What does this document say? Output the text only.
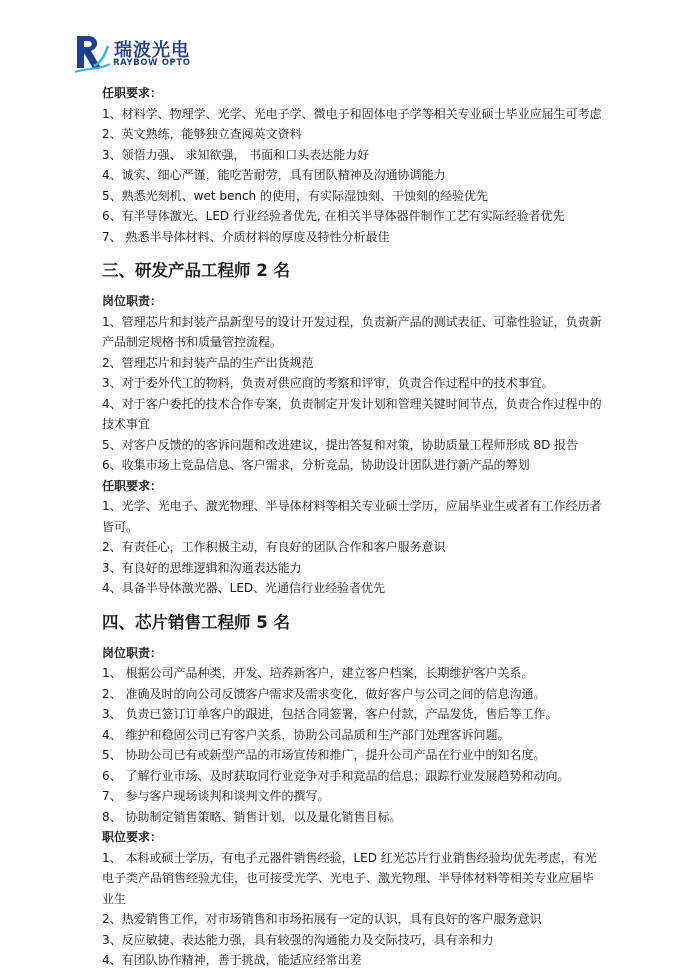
瑞波光电
RAYBOW OPTO

任职要求：

1、材料学、物理学、光学、光电子学、微电子和固体电子学等相关专业硕士毕业应届生可考虑

2、英文熟练，能够独立查阅英文资料

3、领悟力强、 求知欲强， 书面和口头表达能力好

4、诚实、细心严谨，能吃苦耐劳，具有团队精神及沟通协调能力

5、熟悉光刻机、wet bench 的使用，有实际湿蚀刻、干蚀刻的经验优先

6、有半导体激光、LED 行业经验者优先, 在相关半导体器件制作工艺有实际经验者优先

7、 熟悉半导体材料、介质材料的厚度及特性分析最佳

三、研发产品工程师 2 名

岗位职责：

1、管理芯片和封装产品新型号的设计开发过程，负责新产品的测试表征、可靠性验证，负责新产品制定规格书和质量管控流程。

2、管理芯片和封装产品的生产出货规范

3、对于委外代工的物料，负责对供应商的考察和评审，负责合作过程中的技术事宜。

4、对于客户委托的技术合作专案，负责制定开发计划和管理关键时间节点，负责合作过程中的技术事宜

5、对客户反馈的的客诉问题和改进建议，提出答复和对策，协助质量工程师形成 8D 报告

6、收集市场上竞品信息、客户需求，分析竞品，协助设计团队进行新产品的筹划

任职要求：

1、光学、光电子、激光物理、半导体材料等相关专业硕士学历，应届毕业生或者有工作经历者皆可。

2、有责任心，工作积极主动，有良好的团队合作和客户服务意识

3、有良好的思维逻辑和沟通表达能力

4、具备半导体激光器、LED、光通信行业经验者优先

四、芯片销售工程师 5 名

岗位职责：

1、 根据公司产品种类，开发、培养新客户，建立客户档案，长期维护客户关系。

2、 准确及时的向公司反馈客户需求及需求变化，做好客户与公司之间的信息沟通。

3、 负责已签订订单客户的跟进，包括合同签署，客户付款，产品发货，售后等工作。

4、 维护和稳固公司已有客户关系，协助公司品质和生产部门处理客诉问题。

5、 协助公司已有或新型产品的市场宣传和推广，提升公司产品在行业中的知名度。

6、 了解行业市场、及时获取同行业竞争对手和竞品的信息；跟踪行业发展趋势和动向。

7、 参与客户现场谈判和谈判文件的撰写。

8、 协助制定销售策略、销售计划，以及量化销售目标。

职位要求：

1、 本科或硕士学历，有电子元器件销售经验，LED 红光芯片行业销售经验均优先考虑，有光电子类产品销售经验尤佳，也可接受光学、光电子、激光物理、半导体材料等相关专业应届毕业生

2、热爱销售工作，对市场销售和市场拓展有一定的认识，具有良好的客户服务意识

3、反应敏捷、表达能力强，具有较强的沟通能力及交际技巧，具有亲和力

4、有团队协作精神，善于挑战，能适应经常出差
